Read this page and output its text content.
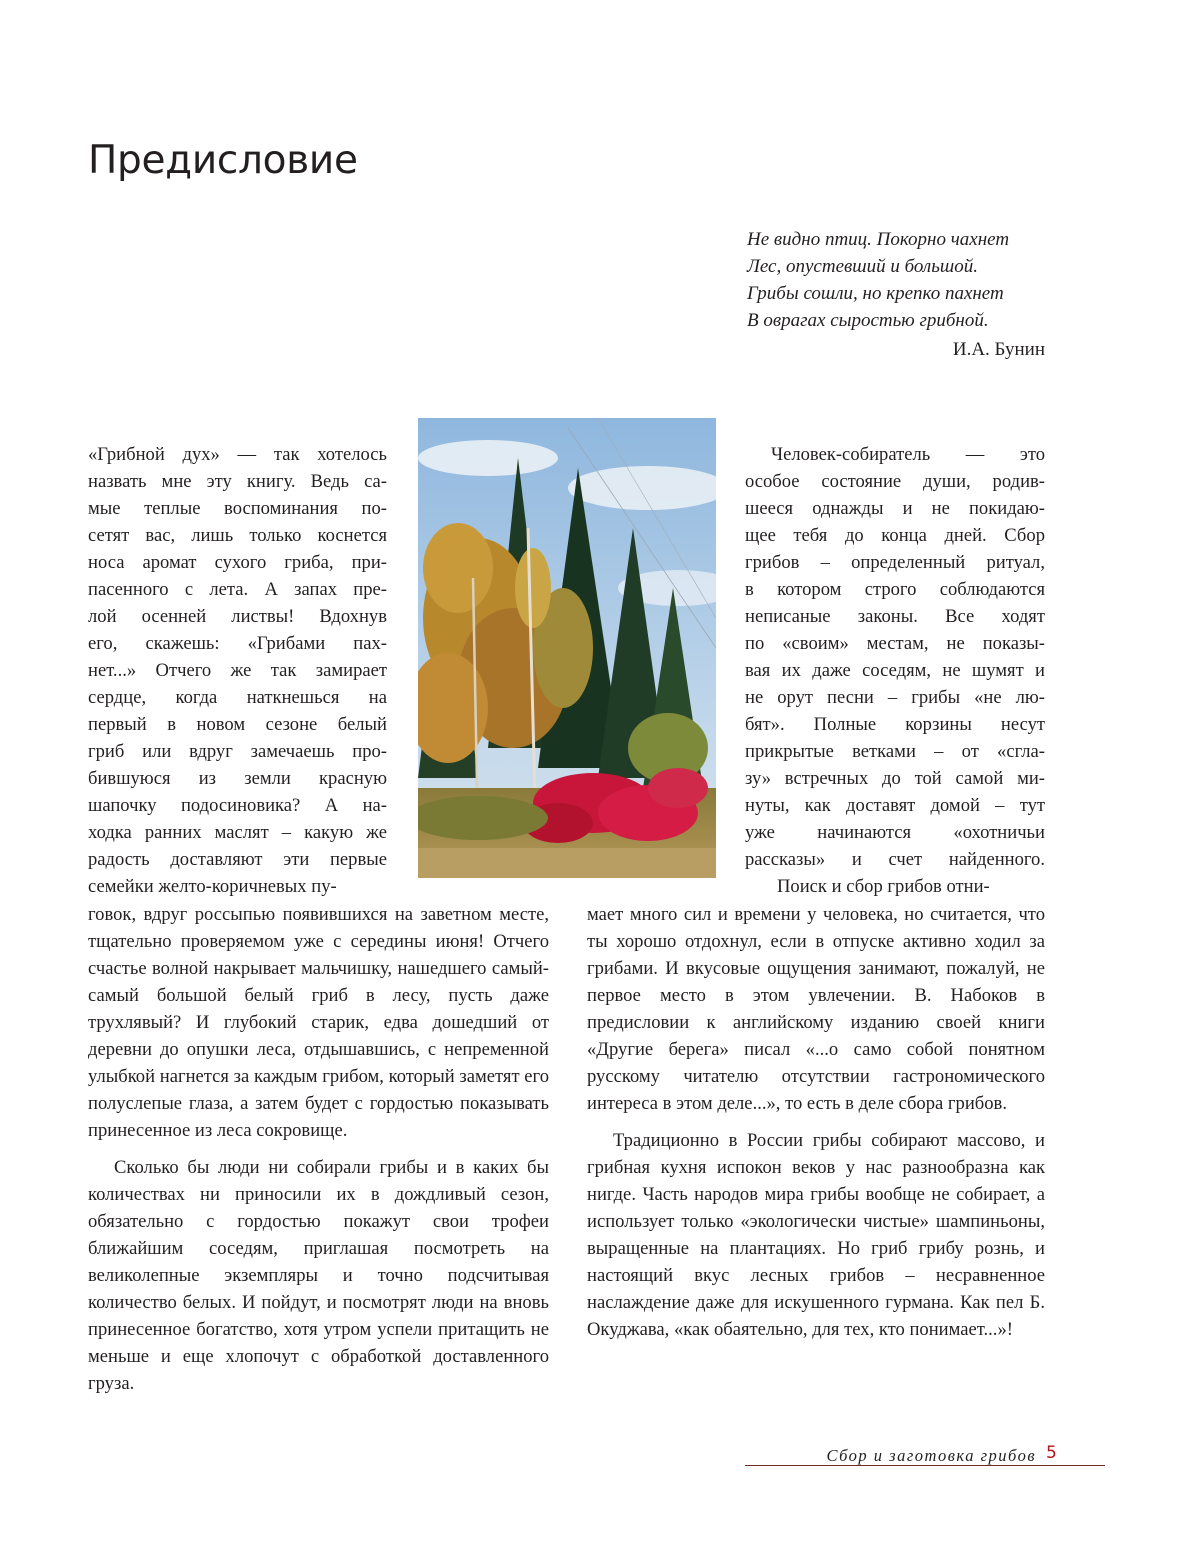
Предисловие
Не видно птиц. Покорно чахнет
Лес, опустевший и большой.
Грибы сошли, но крепко пахнет
В оврагах сыростью грибной.
И.А. Бунин
«Грибной дух» — так хотелось
назвать мне эту книгу. Ведь са-
мые теплые воспоминания по-
сетят вас, лишь только коснется
носа аромат сухого гриба, при-
пасенного с лета. А запах пре-
лой осенней листвы! Вдохнув
его, скажешь: «Грибами пах-
нет...» Отчего же так замирает
сердце, когда наткнешься на
первый в новом сезоне белый
гриб или вдруг замечаешь про-
бившуюся из земли красную
шапочку подосиновика? А на-
ходка ранних маслят – какую же
радость доставляют эти первые
семейки желто-коричневых пу-

говок, вдруг россыпью появившихся на заветном месте, тщательно проверяемом уже с середины июня! Отчего счастье волной накрывает мальчишку, нашедшего самый-самый большой белый гриб в лесу, пусть даже трухлявый? И глубокий старик, едва дошедший от деревни до опушки леса, отдышавшись, с непременной улыбкой нагнется за каждым грибом, который заметят его полуслепые глаза, а затем будет с гордостью показывать принесенное из леса сокровище.

Сколько бы люди ни собирали грибы и в каких бы количествах ни приносили их в дождливый сезон, обязательно с гордостью покажут свои трофеи ближайшим соседям, приглашая посмотреть на великолепные экземпляры и точно подсчитывая количество белых. И пойдут, и посмотрят люди на вновь принесенное богатство, хотя утром успели притащить не меньше и еще хлопочут с обработкой доставленного груза.

Человек-собиратель — это
особое состояние души, родив-
шееся однажды и не покидаю-
щее тебя до конца дней. Сбор
грибов – определенный ритуал,
в котором строго соблюдаются
неписаные законы. Все ходят
по «своим» местам, не показы-
вая их даже соседям, не шумят и
не орут песни – грибы «не лю-
бят». Полные корзины несут
прикрытые ветками – от «сгла-
зу» встречных до той самой ми-
нуты, как доставят домой – тут
уже начинаются «охотничьи
рассказы» и счет найденного.
Поиск и сбор грибов отни-

мает много сил и времени у человека, но считается, что ты хорошо отдохнул, если в отпуске активно ходил за грибами. И вкусовые ощущения занимают, пожалуй, не первое место в этом увлечении. В. Набоков в предисловии к английскому изданию своей книги «Другие берега» писал «...о само собой понятном русскому читателю отсутствии гастрономического интереса в этом деле...», то есть в деле сбора грибов.

Традиционно в России грибы собирают массово, и грибная кухня испокон веков у нас разнообразна как нигде. Часть народов мира грибы вообще не собирает, а использует только «экологически чистые» шампиньоны, выращенные на плантациях. Но гриб грибу рознь, и настоящий вкус лесных грибов – несравненное наслаждение даже для искушенного гурмана. Как пел Б. Окуджава, «как обаятельно, для тех, кто понимает...»!

Сбор и заготовка грибов 5
